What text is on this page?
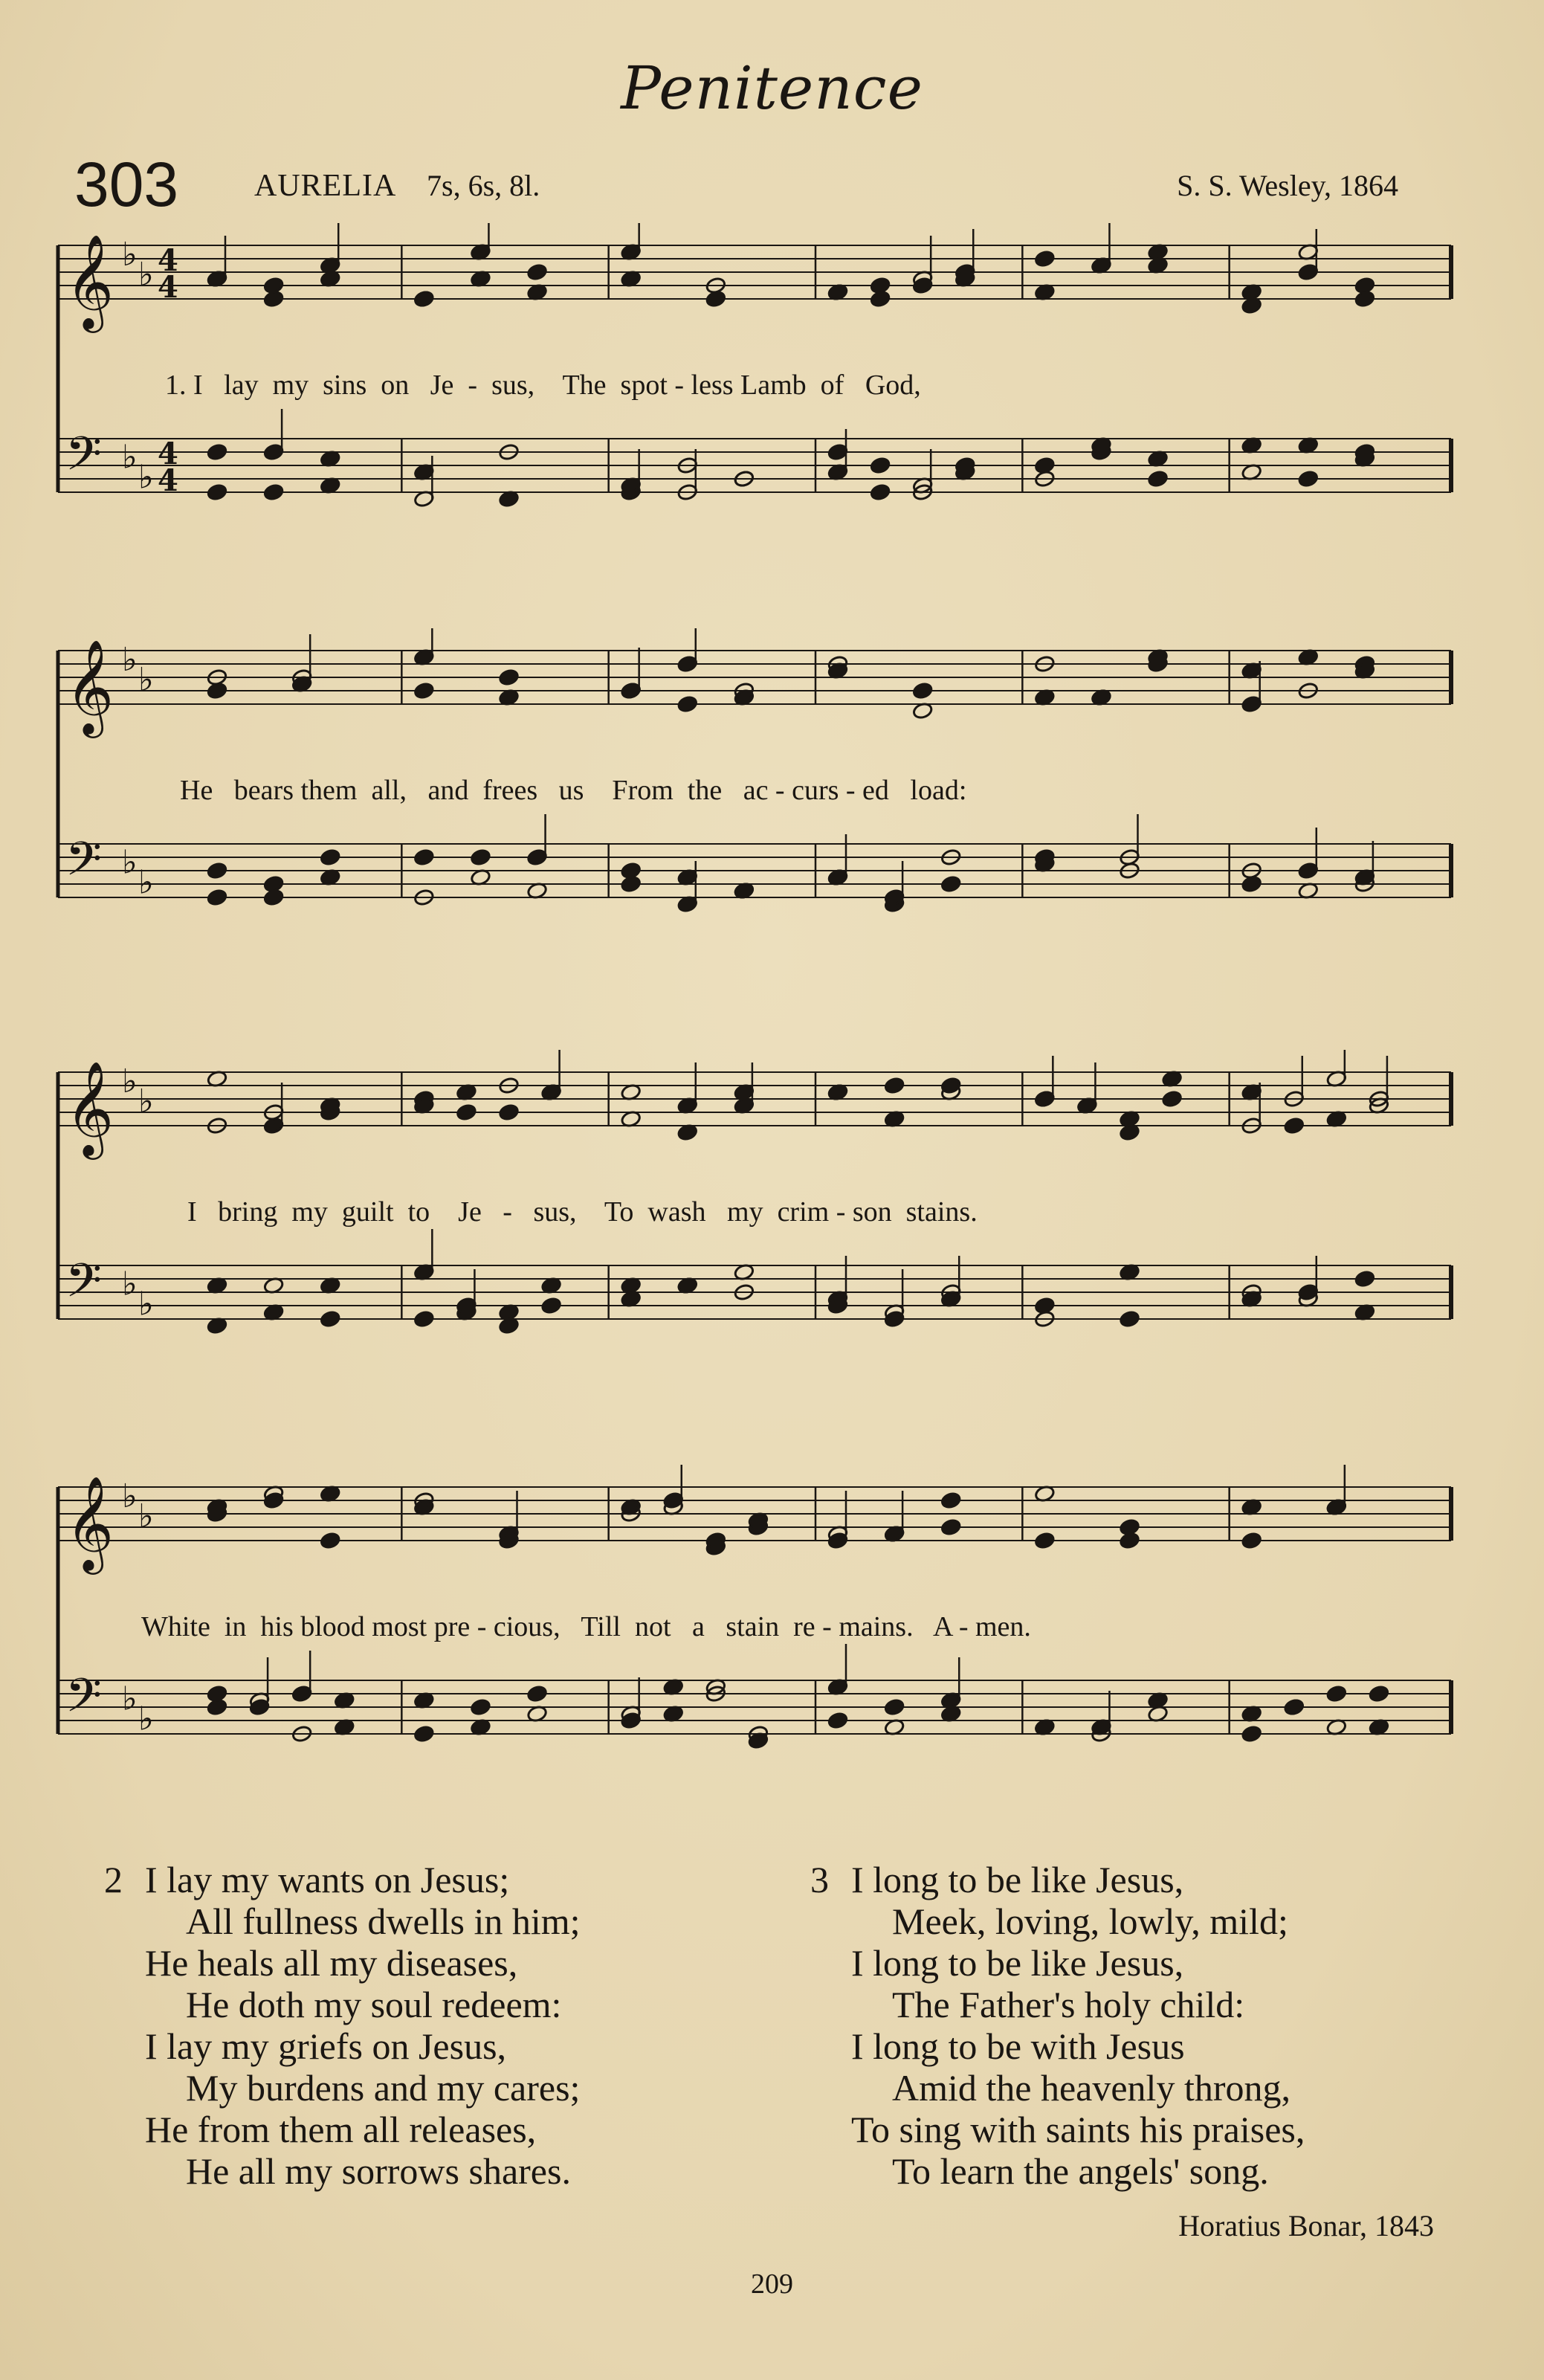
Penitence
303 AURELIA 7s, 6s, 8l.	S. S. Wesley, 1864
𝄞 ♭
♭ 4
4
𝄢 ♭
♭
4
4
1. I   lay  my  sins  on   Je  -  sus,    The  spot - less Lamb  of   God,
𝄞 ♭
♭
𝄢 ♭
♭
He   bears them  all,   and  frees   us    From  the   ac - curs - ed   load:
𝄞 ♭
♭
𝄢 ♭
♭
I   bring  my  guilt  to    Je   -   sus,    To  wash   my  crim - son  stains.
𝄞 ♭
♭
𝄢 ♭
♭
White  in  his blood most pre - cious,   Till  not   a   stain  re - mains.   A - men.
2 I lay my wants on Jesus;
All fullness dwells in him;
He heals all my diseases,
He doth my soul redeem:
I lay my griefs on Jesus,
My burdens and my cares;
He from them all releases,
He all my sorrows shares.
3 I long to be like Jesus,
Meek, loving, lowly, mild;
I long to be like Jesus,
The Father's holy child:
I long to be with Jesus
Amid the heavenly throng,
To sing with saints his praises,
To learn the angels' song.
Horatius Bonar, 1843
209
